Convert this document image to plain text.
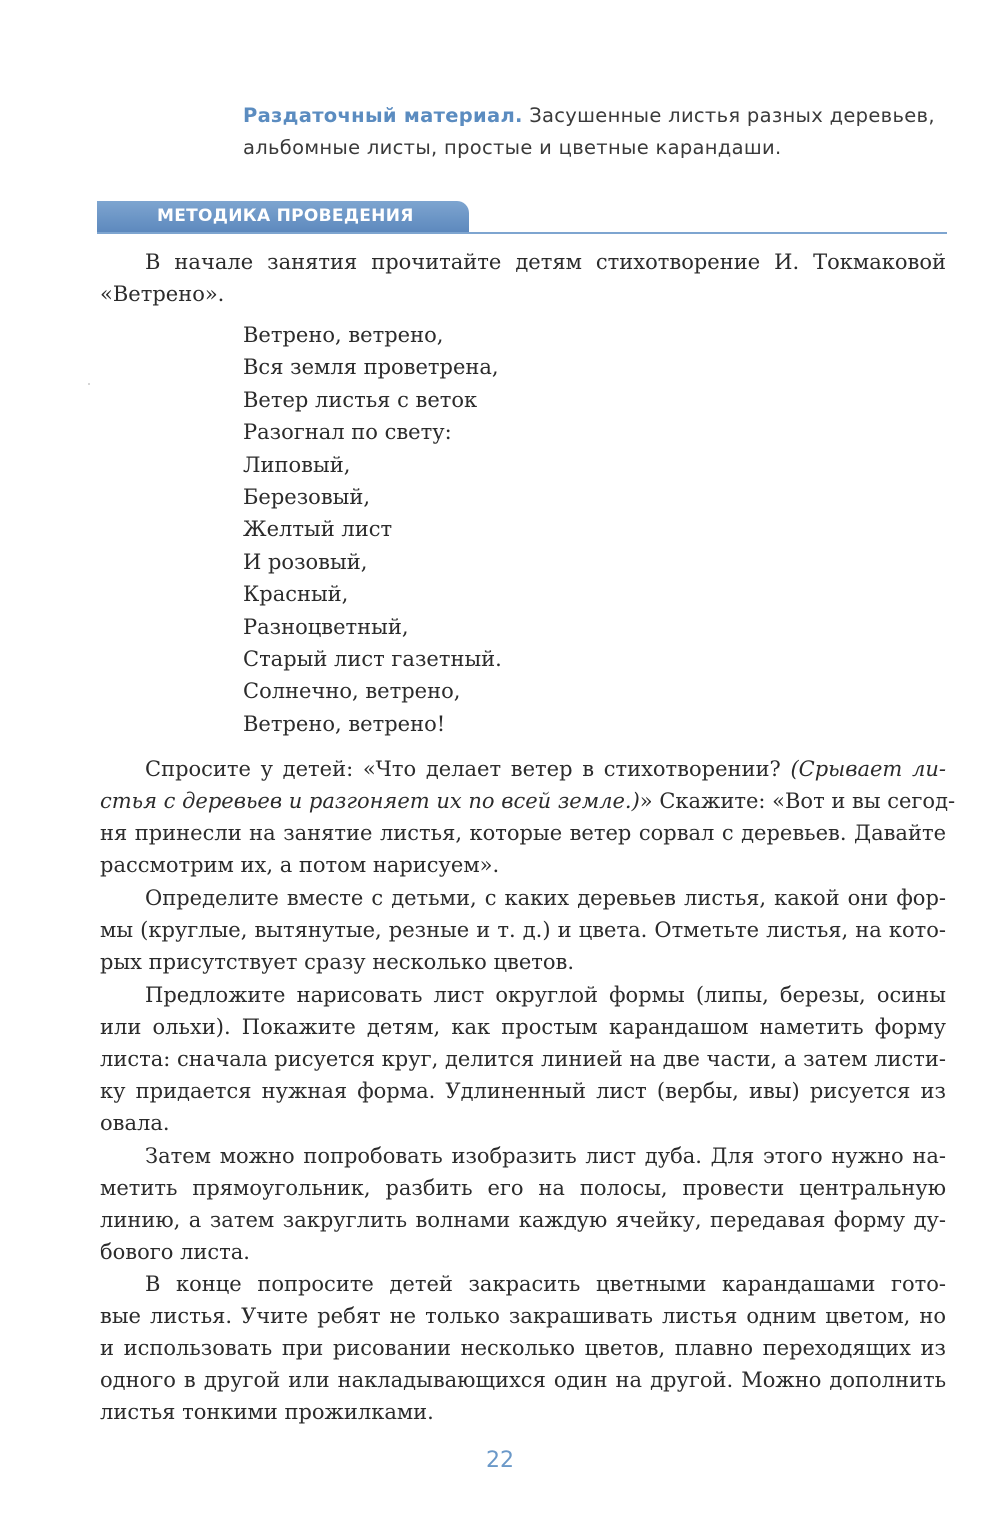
Раздаточный материал. Засушенные листья разных деревьев, альбомные листы, простые и цветные карандаши.

МЕТОДИКА ПРОВЕДЕНИЯ
В начале занятия прочитайте детям стихотворение И. Токмаковой
«Ветрено».
Ветрено, ветрено,
Вся земля проветрена,
Ветер листья с веток
Разогнал по свету:
Липовый,
Березовый,
Желтый лист
И розовый,
Красный,
Разноцветный,
Старый лист газетный.
Солнечно, ветрено,
Ветрено, ветрено!
Спросите у детей: «Что делает ветер в стихотворении? (Срывает ли-
стья с деревьев и разгоняет их по всей земле.)» Скажите: «Вот и вы сегод-
ня принесли на занятие листья, которые ветер сорвал с деревьев. Давайте
рассмотрим их, а потом нарисуем».
Определите вместе с детьми, с каких деревьев листья, какой они фор-
мы (круглые, вытянутые, резные и т. д.) и цвета. Отметьте листья, на кото-
рых присутствует сразу несколько цветов.
Предложите нарисовать лист округлой формы (липы, березы, осины
или ольхи). Покажите детям, как простым карандашом наметить форму
листа: сначала рисуется круг, делится линией на две части, а затем листи-
ку придается нужная форма. Удлиненный лист (вербы, ивы) рисуется из
овала.
Затем можно попробовать изобразить лист дуба. Для этого нужно на-
метить прямоугольник, разбить его на полосы, провести центральную
линию, а затем закруглить волнами каждую ячейку, передавая форму ду-
бового листа.
В конце попросите детей закрасить цветными карандашами гото-
вые листья. Учите ребят не только закрашивать листья одним цветом, но
и использовать при рисовании несколько цветов, плавно переходящих из
одного в другой или накладывающихся один на другой. Можно дополнить
листья тонкими прожилками.
22
